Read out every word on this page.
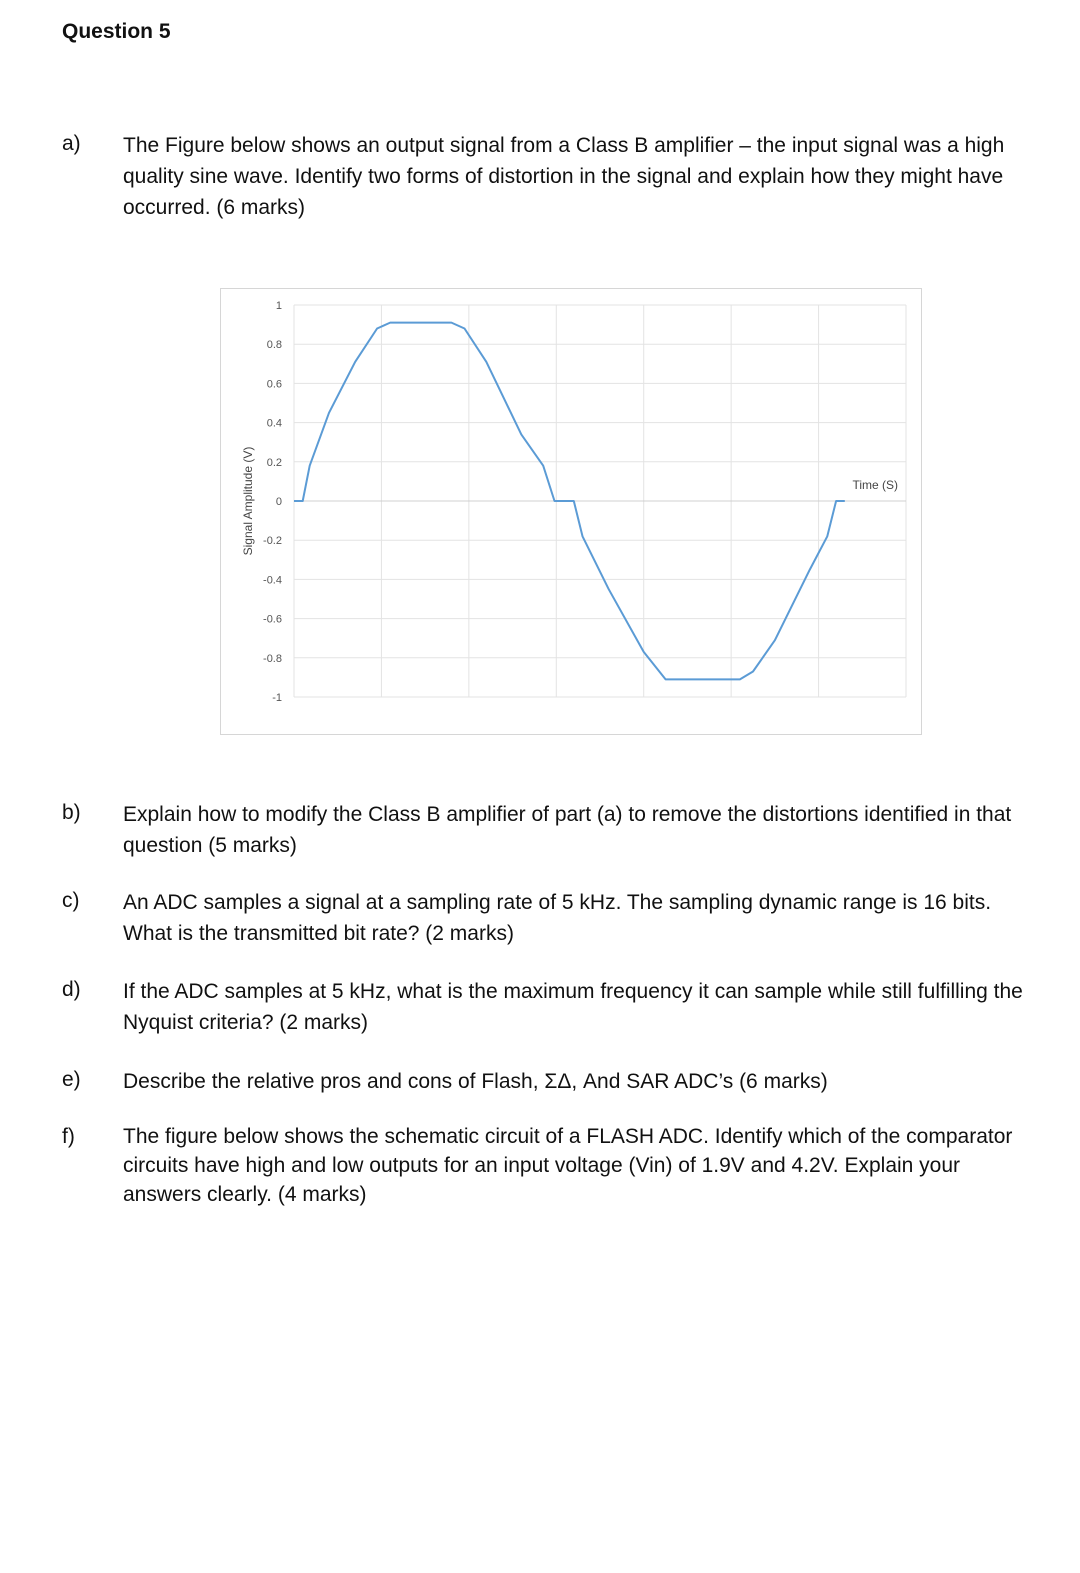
Question 5
a) The Figure below shows an output signal from a Class B amplifier – the input signal was a high quality sine wave. Identify two forms of distortion in the signal and explain how they might have occurred. (6 marks)
1
0.8
0.6
0.4
0.2
0
-0.2
-0.4
-0.6
-0.8
-1
Signal Amplitude (V)	Time (S)
b) Explain how to modify the Class B amplifier of part (a) to remove the distortions identified in that question (5 marks)
c) An ADC samples a signal at a sampling rate of 5 kHz. The sampling dynamic range is 16 bits. What is the transmitted bit rate? (2 marks)
d) If the ADC samples at 5 kHz, what is the maximum frequency it can sample while still fulfilling the Nyquist criteria? (2 marks)
e) Describe the relative pros and cons of Flash, ΣΔ, And SAR ADC’s (6 marks)
f) The figure below shows the schematic circuit of a FLASH ADC. Identify which of the comparator circuits have high and low outputs for an input voltage (Vin) of 1.9V and 4.2V. Explain your answers clearly. (4 marks)
